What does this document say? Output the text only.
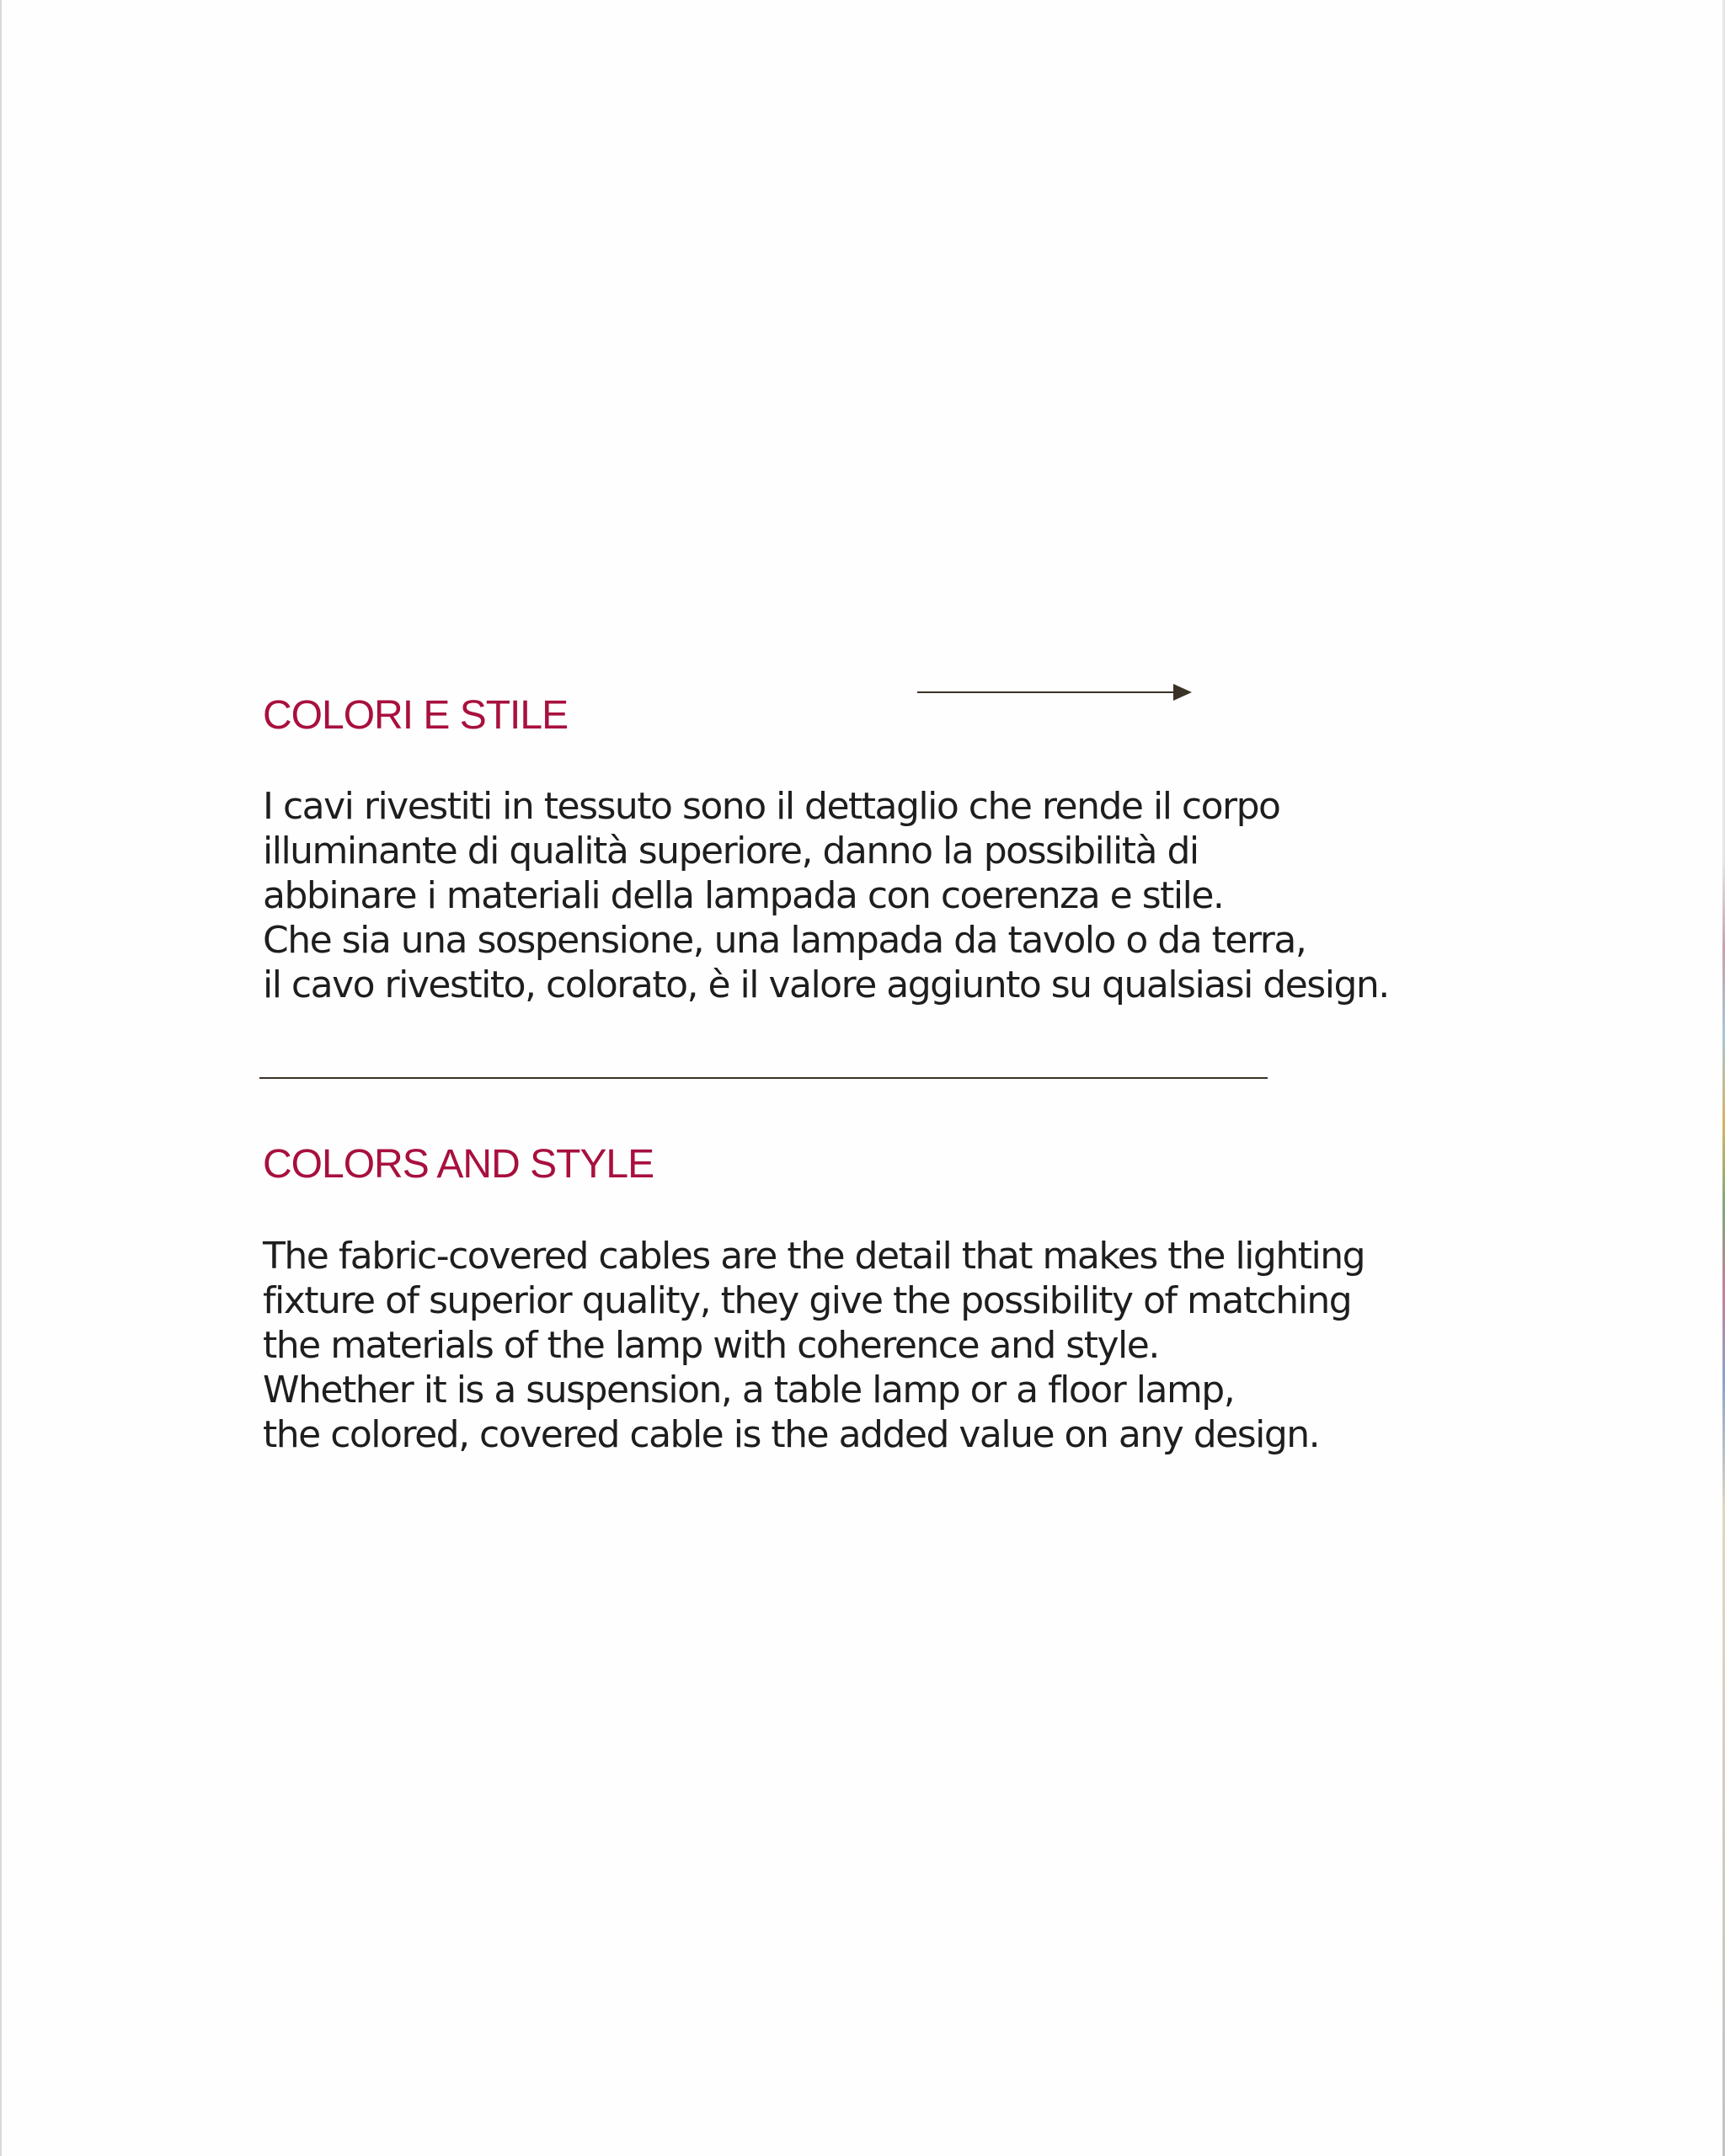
COLORI E STILE

I cavi rivestiti in tessuto sono il dettaglio che rende il corpo
illuminante di qualità superiore, danno la possibilità di
abbinare i materiali della lampada con coerenza e stile.
Che sia una sospensione, una lampada da tavolo o da terra,
il cavo rivestito, colorato, è il valore aggiunto su qualsiasi design.

COLORS AND STYLE

The fabric-covered cables are the detail that makes the lighting
fixture of superior quality, they give the possibility of matching
the materials of the lamp with coherence and style.
Whether it is a suspension, a table lamp or a floor lamp,
the colored, covered cable is the added value on any design.
